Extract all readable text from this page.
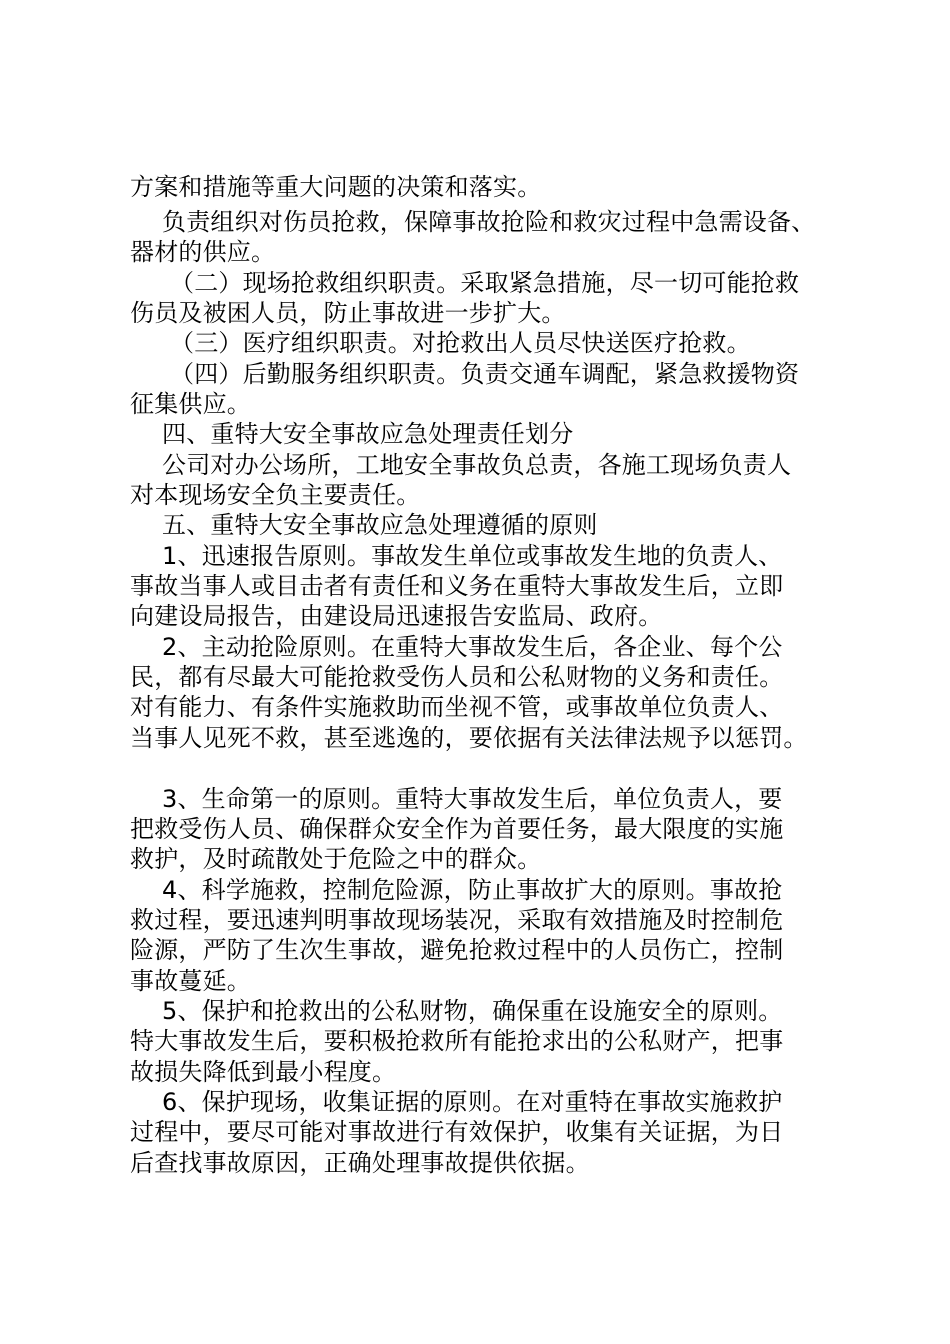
方案和措施等重大问题的决策和落实。
负责组织对伤员抢救，保障事故抢险和救灾过程中急需设备、
器材的供应。
（二）现场抢救组织职责。采取紧急措施，尽一切可能抢救
伤员及被困人员，防止事故进一步扩大。
（三）医疗组织职责。对抢救出人员尽快送医疗抢救。
（四）后勤服务组织职责。负责交通车调配，紧急救援物资
征集供应。
四、重特大安全事故应急处理责任划分
公司对办公场所，工地安全事故负总责，各施工现场负责人
对本现场安全负主要责任。
五、重特大安全事故应急处理遵循的原则
1、迅速报告原则。事故发生单位或事故发生地的负责人、
事故当事人或目击者有责任和义务在重特大事故发生后，立即
向建设局报告，由建设局迅速报告安监局、政府。
2、主动抢险原则。在重特大事故发生后，各企业、每个公
民，都有尽最大可能抢救受伤人员和公私财物的义务和责任。
对有能力、有条件实施救助而坐视不管，或事故单位负责人、
当事人见死不救，甚至逃逸的，要依据有关法律法规予以惩罚。
3、生命第一的原则。重特大事故发生后，单位负责人，要
把救受伤人员、确保群众安全作为首要任务，最大限度的实施
救护，及时疏散处于危险之中的群众。
4、科学施救，控制危险源，防止事故扩大的原则。事故抢
救过程，要迅速判明事故现场装况，采取有效措施及时控制危
险源，严防了生次生事故，避免抢救过程中的人员伤亡，控制
事故蔓延。
5、保护和抢救出的公私财物，确保重在设施安全的原则。
特大事故发生后，要积极抢救所有能抢求出的公私财产，把事
故损失降低到最小程度。
6、保护现场，收集证据的原则。在对重特在事故实施救护
过程中，要尽可能对事故进行有效保护，收集有关证据，为日
后查找事故原因，正确处理事故提供依据。
